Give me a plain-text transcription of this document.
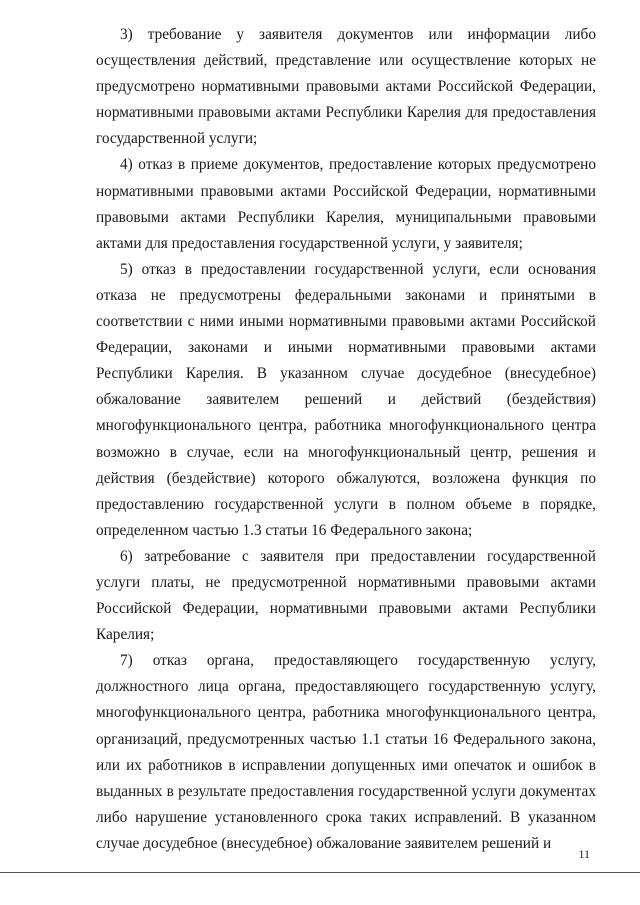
3) требование у заявителя документов или информации либо осуществления действий, представление или осуществление которых не предусмотрено нормативными правовыми актами Российской Федерации, нормативными правовыми актами Республики Карелия для предоставления государственной услуги;

4) отказ в приеме документов, предоставление которых предусмотрено нормативными правовыми актами Российской Федерации, нормативными правовыми актами Республики Карелия, муниципальными правовыми актами для предоставления государственной услуги, у заявителя;

5) отказ в предоставлении государственной услуги, если основания отказа не предусмотрены федеральными законами и принятыми в соответствии с ними иными нормативными правовыми актами Российской Федерации, законами и иными нормативными правовыми актами Республики Карелия. В указанном случае досудебное (внесудебное) обжалование заявителем решений и действий (бездействия) многофункционального центра, работника многофункционального центра возможно в случае, если на многофункциональный центр, решения и действия (бездействие) которого обжалуются, возложена функция по предоставлению государственной услуги в полном объеме в порядке, определенном частью 1.3 статьи 16 Федерального закона;

6) затребование с заявителя при предоставлении государственной услуги платы, не предусмотренной нормативными правовыми актами Российской Федерации, нормативными правовыми актами Республики Карелия;

7) отказ органа, предоставляющего государственную услугу, должностного лица органа, предоставляющего государственную услугу, многофункционального центра, работника многофункционального центра, организаций, предусмотренных частью 1.1 статьи 16 Федерального закона, или их работников в исправлении допущенных ими опечаток и ошибок в выданных в результате предоставления государственной услуги документах либо нарушение установленного срока таких исправлений. В указанном случае досудебное (внесудебное) обжалование заявителем решений и

11
